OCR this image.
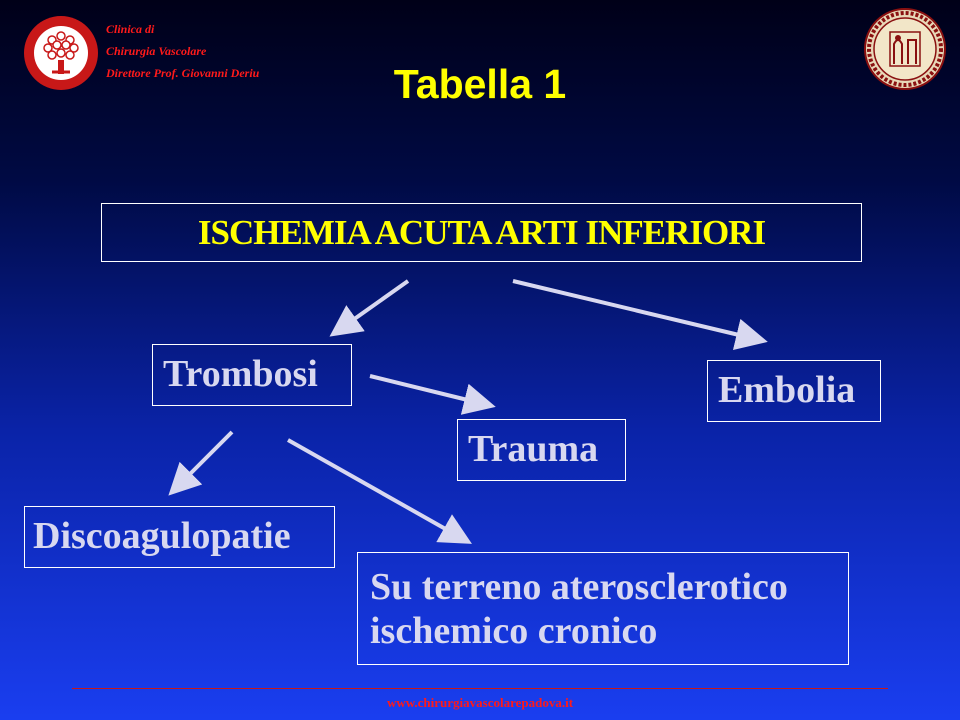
Clinica di
Chirurgia Vascolare
Direttore Prof. Giovanni Deriu	Tabella 1
ISCHEMIA ACUTA ARTI INFERIORI
Trombosi	Embolia
Trauma
Discoagulopatie
Su terreno aterosclerotico
ischemico cronico
www.chirurgiavascolarepadova.it
